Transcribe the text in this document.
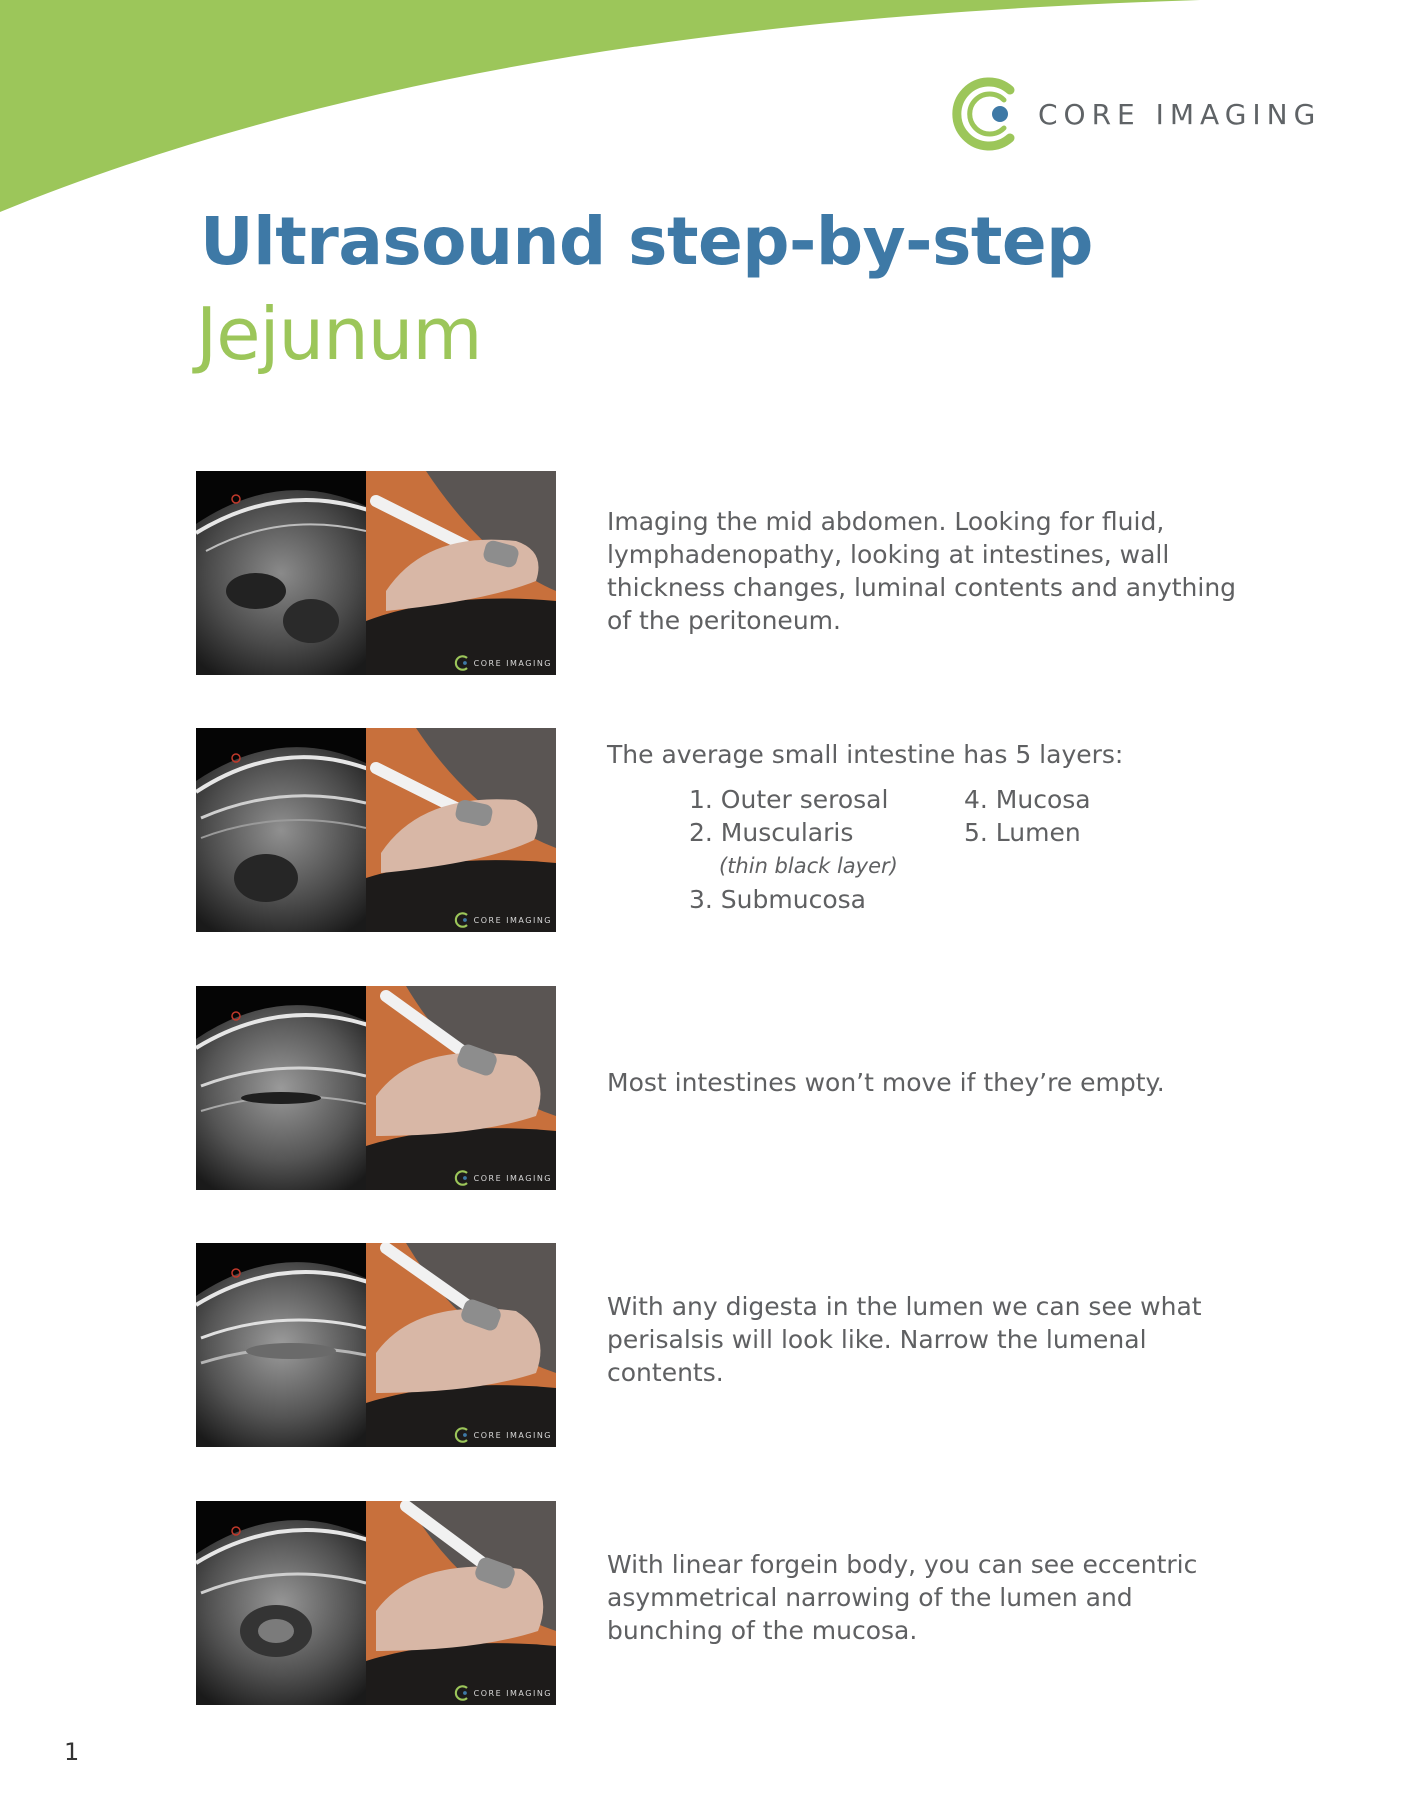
CORE IMAGING
Ultrasound step-by-step
Jejunum
CORE IMAGING

Imaging the mid abdomen. Looking for fluid, lymphadenopathy, looking at intestines, wall thickness changes, luminal contents and anything of the peritoneum.

CORE IMAGING

The average small intestine has 5 layers:

1. Outer serosal
2. Muscularis
(thin black layer)
3. Submucosa
4. Mucosa
5. Lumen
CORE IMAGING

Most intestines won’t move if they’re empty.

CORE IMAGING

With any digesta in the lumen we can see what perisalsis will look like. Narrow the lumenal contents.

CORE IMAGING

With linear forgein body, you can see eccentric asymmetrical narrowing of the lumen and bunching of the mucosa.

1
